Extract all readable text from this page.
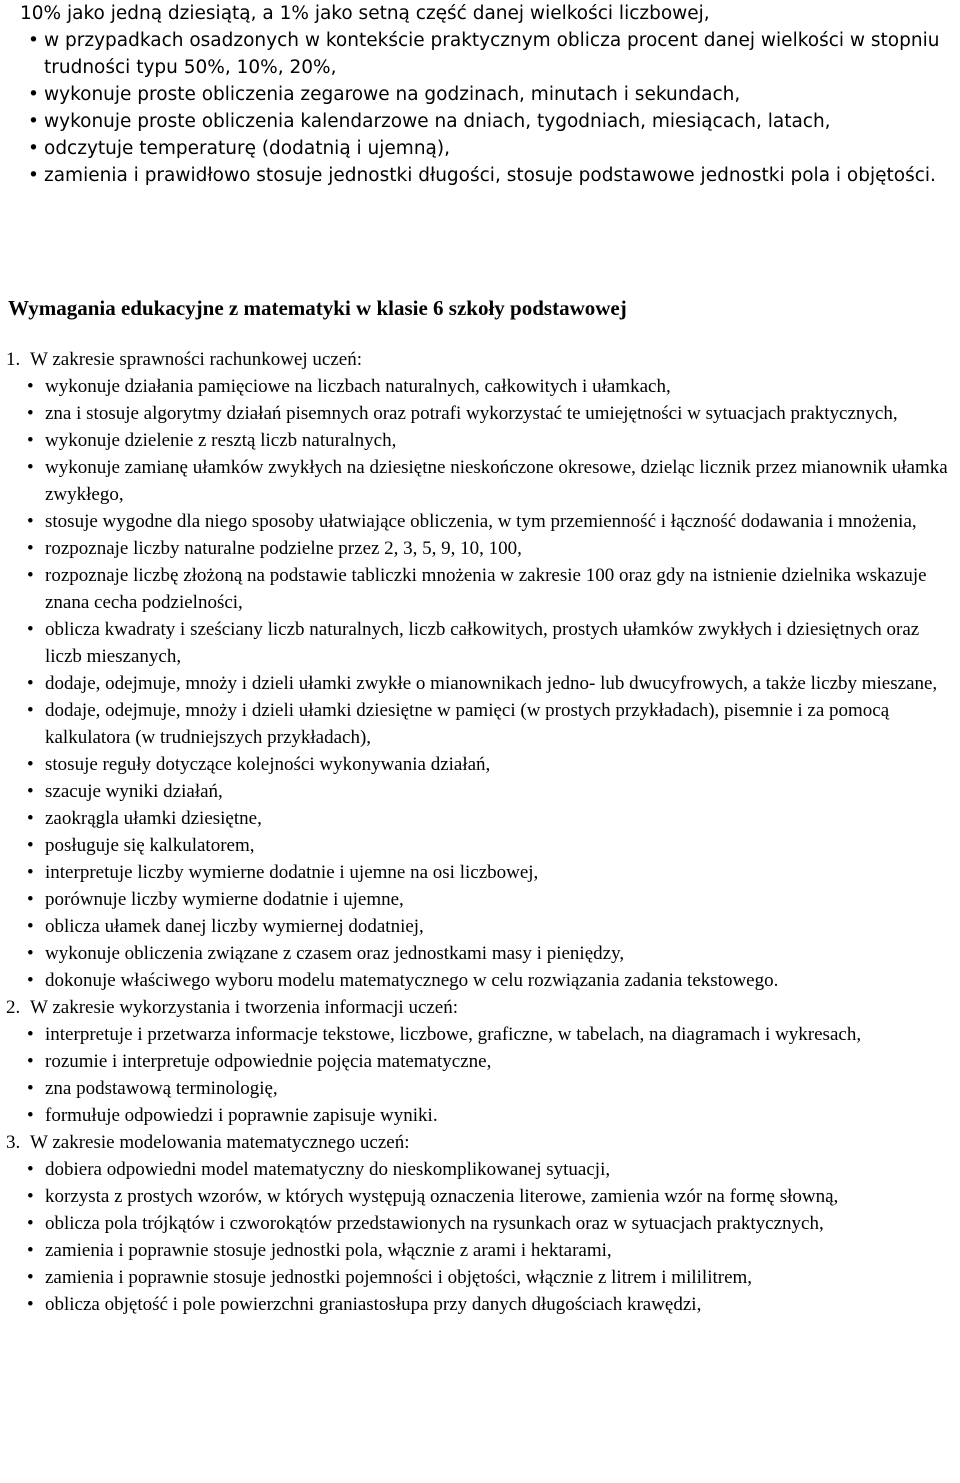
10% jako jedną dziesiątą, a 1% jako setną część danej wielkości liczbowej,
• w przypadkach osadzonych w kontekście praktycznym oblicza procent danej wielkości w stopniu trudności typu 50%, 10%, 20%,
• wykonuje proste obliczenia zegarowe na godzinach, minutach i sekundach,
• wykonuje proste obliczenia kalendarzowe na dniach, tygodniach, miesiącach, latach,
• odczytuje temperaturę (dodatnią i ujemną),
• zamienia i prawidłowo stosuje jednostki długości, stosuje podstawowe jednostki pola i objętości.
Wymagania edukacyjne z matematyki w klasie 6 szkoły podstawowej
1. W zakresie sprawności rachunkowej uczeń:
• wykonuje działania pamięciowe na liczbach naturalnych, całkowitych i ułamkach,
• zna i stosuje algorytmy działań pisemnych oraz potrafi wykorzystać te umiejętności w sytuacjach praktycznych,
• wykonuje dzielenie z resztą liczb naturalnych,
• wykonuje zamianę ułamków zwykłych na dziesiętne nieskończone okresowe, dzieląc licznik przez mianownik ułamka zwykłego,
• stosuje wygodne dla niego sposoby ułatwiające obliczenia, w tym przemienność i łączność dodawania i mnożenia,
• rozpoznaje liczby naturalne podzielne przez 2, 3, 5, 9, 10, 100,
• rozpoznaje liczbę złożoną na podstawie tabliczki mnożenia w zakresie 100 oraz gdy na istnienie dzielnika wskazuje znana cecha podzielności,
• oblicza kwadraty i sześciany liczb naturalnych, liczb całkowitych, prostych ułamków zwykłych i dziesiętnych oraz liczb mieszanych,
• dodaje, odejmuje, mnoży i dzieli ułamki zwykłe o mianownikach jedno- lub dwucyfrowych, a także liczby mieszane,
• dodaje, odejmuje, mnoży i dzieli ułamki dziesiętne w pamięci (w prostych przykładach), pisemnie i za pomocą kalkulatora (w trudniejszych przykładach),
• stosuje reguły dotyczące kolejności wykonywania działań,
• szacuje wyniki działań,
• zaokrągla ułamki dziesiętne,
• posługuje się kalkulatorem,
• interpretuje liczby wymierne dodatnie i ujemne na osi liczbowej,
• porównuje liczby wymierne dodatnie i ujemne,
• oblicza ułamek danej liczby wymiernej dodatniej,
• wykonuje obliczenia związane z czasem oraz jednostkami masy i pieniędzy,
• dokonuje właściwego wyboru modelu matematycznego w celu rozwiązania zadania tekstowego.
2. W zakresie wykorzystania i tworzenia informacji uczeń:
• interpretuje i przetwarza informacje tekstowe, liczbowe, graficzne, w tabelach, na diagramach i wykresach,
• rozumie i interpretuje odpowiednie pojęcia matematyczne,
• zna podstawową terminologię,
• formułuje odpowiedzi i poprawnie zapisuje wyniki.
3. W zakresie modelowania matematycznego uczeń:
• dobiera odpowiedni model matematyczny do nieskomplikowanej sytuacji,
• korzysta z prostych wzorów, w których występują oznaczenia literowe, zamienia wzór na formę słowną,
• oblicza pola trójkątów i czworokątów przedstawionych na rysunkach oraz w sytuacjach praktycznych,
• zamienia i poprawnie stosuje jednostki pola, włącznie z arami i hektarami,
• zamienia i poprawnie stosuje jednostki pojemności i objętości, włącznie z litrem i mililitrem,
• oblicza objętość i pole powierzchni graniastosłupa przy danych długościach krawędzi,
